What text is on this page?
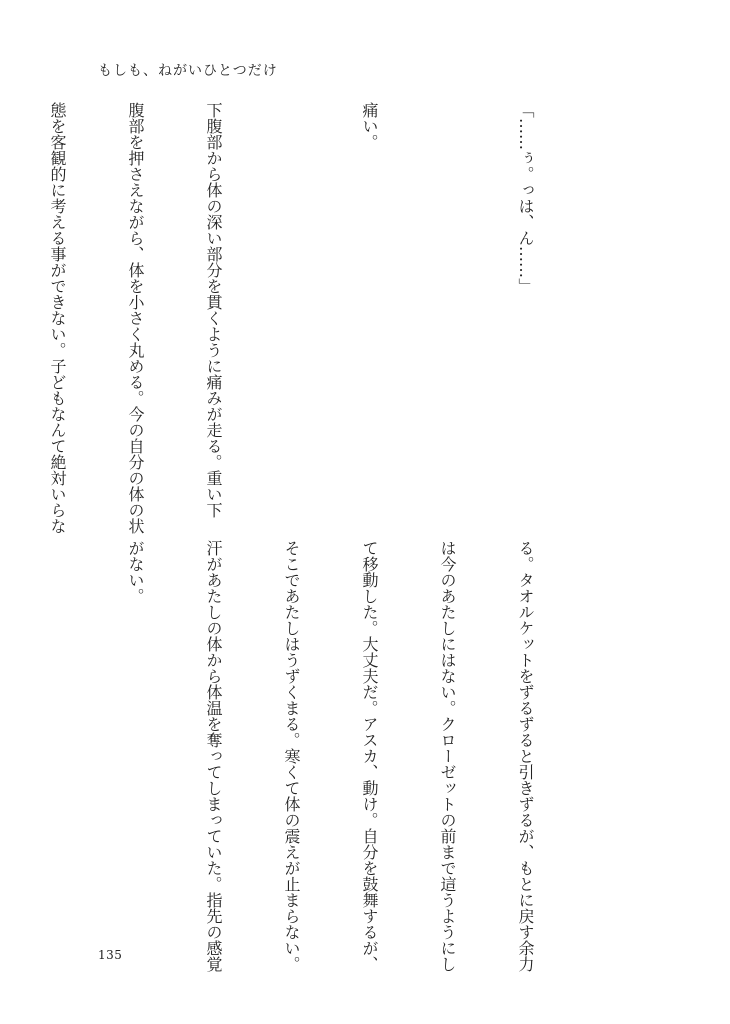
もしも、ねがいひとつだけ

「……ぅ。っは、ん……」

痛い。

下腹部から体の深い部分を貫くように痛みが走る。重い下

腹部を押さえながら、体を小さく丸める。今の自分の体の状

態を客観的に考える事ができない。子どもなんて絶対いらな

る。タオルケットをずるずると引きずるが、もとに戻す余力

は今のあたしにはない。クローゼットの前まで這うようにし

て移動した。大丈夫だ。アスカ、動け。自分を鼓舞するが、

そこであたしはうずくまる。寒くて体の震えが止まらない。

汗があたしの体から体温を奪ってしまっていた。指先の感覚

がない。

135
